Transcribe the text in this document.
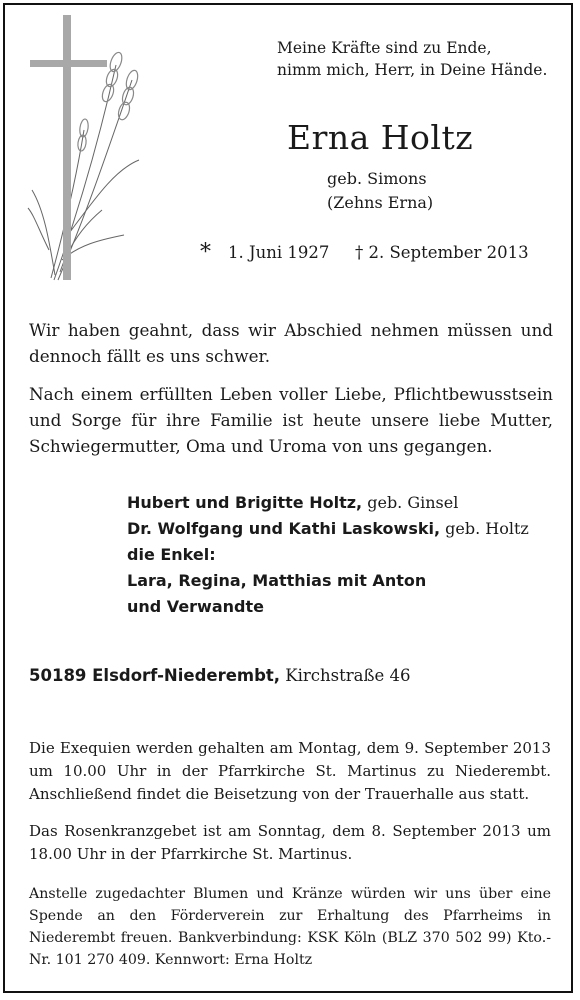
Meine Kräfte sind zu Ende,
nimm mich, Herr, in Deine Hände.
Erna Holtz
geb. Simons
(Zehns Erna)
* 1. Juni 1927 † 2. September 2013
Wir haben geahnt, dass wir Abschied nehmen müssen und dennoch fällt es uns schwer.
Nach einem erfüllten Leben voller Liebe, Pflichtbewusstsein und Sorge für ihre Familie ist heute unsere liebe Mutter, Schwiegermutter, Oma und Uroma von uns gegangen.
Hubert und Brigitte Holtz, geb. Ginsel
Dr. Wolfgang und Kathi Laskowski, geb. Holtz
die Enkel:
Lara, Regina, Matthias mit Anton
und Verwandte
50189 Elsdorf-Niederembt, Kirchstraße 46
Die Exequien werden gehalten am Montag, dem 9. September 2013 um 10.00 Uhr in der Pfarrkirche St. Martinus zu Niederembt. Anschließend findet die Beisetzung von der Trauerhalle aus statt.
Das Rosenkranzgebet ist am Sonntag, dem 8. September 2013 um 18.00 Uhr in der Pfarrkirche St. Martinus.
Anstelle zugedachter Blumen und Kränze würden wir uns über eine Spende an den Förderverein zur Erhaltung des Pfarrheims in Niederembt freuen. Bankverbindung: KSK Köln (BLZ 370 502 99) Kto.-Nr. 101 270 409. Kennwort: Erna Holtz
